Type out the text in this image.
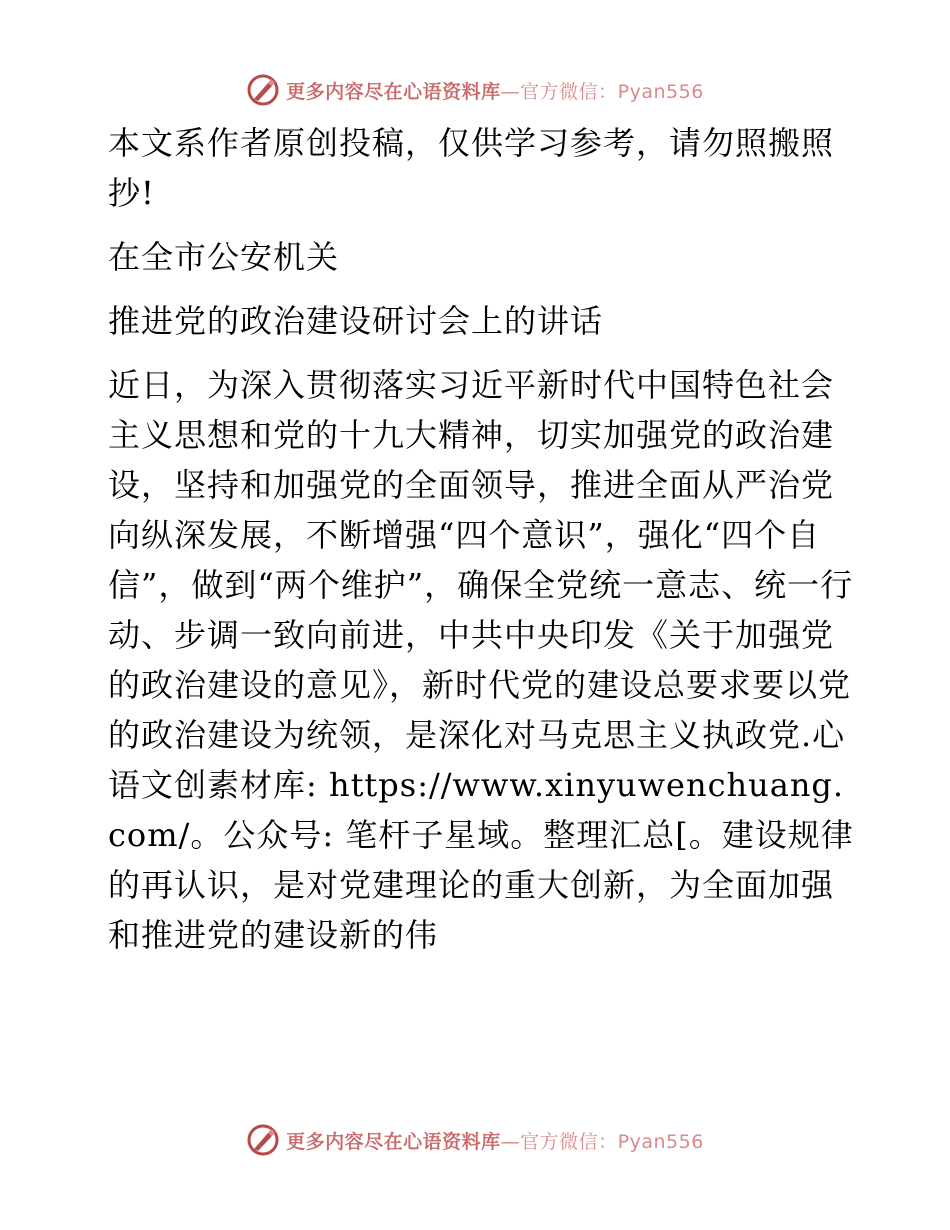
更多内容尽在心语资料库—官方微信：Pyan556

本文系作者原创投稿，仅供学习参考，请勿照搬照抄!

在全市公安机关

推进党的政治建设研讨会上的讲话

近日，为深入贯彻落实习近平新时代中国特色社会主义思想和党的十九大精神，切实加强党的政治建设，坚持和加强党的全面领导，推进全面从严治党向纵深发展，不断增强“四个意识”，强化“四个自信”，做到“两个维护”，确保全党统一意志、统一行动、步调一致向前进，中共中央印发《关于加强党的政治建设的意见》，新时代党的建设总要求要以党的政治建设为统领，是深化对马克思主义执政党.心语文创素材库: https://www.xinyuwenchuang.com/。公众号: 笔杆子星域。整理汇总[。建设规律的再认识，是对党建理论的重大创新，为全面加强和推进党的建设新的伟

更多内容尽在心语资料库—官方微信：Pyan556
